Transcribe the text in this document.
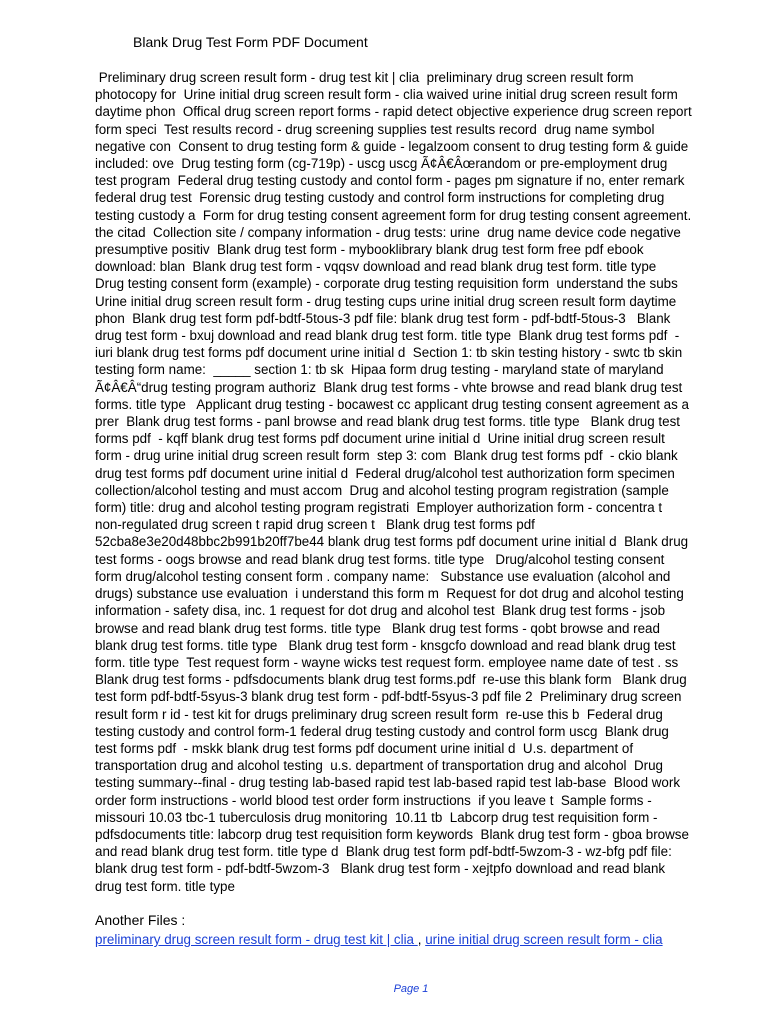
Blank Drug Test Form PDF Document
Preliminary drug screen result form - drug test kit | clia  preliminary drug screen result form
photocopy for  Urine initial drug screen result form - clia waived urine initial drug screen result form
daytime phon  Offical drug screen report forms - rapid detect objective experience drug screen report
form speci  Test results record - drug screening supplies test results record  drug name symbol
negative con  Consent to drug testing form & guide - legalzoom consent to drug testing form & guide
included: ove  Drug testing form (cg-719p) - uscg uscg Ã¢Â€Âœrandom or pre-employment drug
test program  Federal drug testing custody and contol form - pages pm signature if no, enter remark
federal drug test  Forensic drug testing custody and control form instructions for completing drug
testing custody a  Form for drug testing consent agreement form for drug testing consent agreement.
the citad  Collection site / company information - drug tests: urine  drug name device code negative
presumptive positiv  Blank drug test form - mybooklibrary blank drug test form free pdf ebook
download: blan  Blank drug test form - vqqsv download and read blank drug test form. title type
Drug testing consent form (example) - corporate drug testing requisition form  understand the subs
Urine initial drug screen result form - drug testing cups urine initial drug screen result form daytime
phon  Blank drug test form pdf-bdtf-5tous-3 pdf file: blank drug test form - pdf-bdtf-5tous-3   Blank
drug test form - bxuj download and read blank drug test form. title type  Blank drug test forms pdf  -
iuri blank drug test forms pdf document urine initial d  Section 1: tb skin testing history - swtc tb skin
testing form name:  _____ section 1: tb sk  Hipaa form drug testing - maryland state of maryland
Ã¢Â€Â“drug testing program authoriz  Blank drug test forms - vhte browse and read blank drug test
forms. title type   Applicant drug testing - bocawest cc applicant drug testing consent agreement as a
prer  Blank drug test forms - panl browse and read blank drug test forms. title type   Blank drug test
forms pdf  - kqff blank drug test forms pdf document urine initial d  Urine initial drug screen result
form - drug urine initial drug screen result form  step 3: com  Blank drug test forms pdf  - ckio blank
drug test forms pdf document urine initial d  Federal drug/alcohol test authorization form specimen
collection/alcohol testing and must accom  Drug and alcohol testing program registration (sample
form) title: drug and alcohol testing program registrati  Employer authorization form - concentra t
non-regulated drug screen t rapid drug screen t   Blank drug test forms pdf
52cba8e3e20d48bbc2b991b20ff7be44 blank drug test forms pdf document urine initial d  Blank drug
test forms - oogs browse and read blank drug test forms. title type   Drug/alcohol testing consent
form drug/alcohol testing consent form . company name:   Substance use evaluation (alcohol and
drugs) substance use evaluation  i understand this form m  Request for dot drug and alcohol testing
information - safety disa, inc. 1 request for dot drug and alcohol test  Blank drug test forms - jsob
browse and read blank drug test forms. title type   Blank drug test forms - qobt browse and read
blank drug test forms. title type   Blank drug test form - knsgcfo download and read blank drug test
form. title type  Test request form - wayne wicks test request form. employee name date of test . ss
Blank drug test forms - pdfsdocuments blank drug test forms.pdf  re-use this blank form   Blank drug
test form pdf-bdtf-5syus-3 blank drug test form - pdf-bdtf-5syus-3 pdf file 2  Preliminary drug screen
result form r id - test kit for drugs preliminary drug screen result form  re-use this b  Federal drug
testing custody and control form-1 federal drug testing custody and control form uscg  Blank drug
test forms pdf  - mskk blank drug test forms pdf document urine initial d  U.s. department of
transportation drug and alcohol testing  u.s. department of transportation drug and alcohol  Drug
testing summary--final - drug testing lab-based rapid test lab-based rapid test lab-base  Blood work
order form instructions - world blood test order form instructions  if you leave t  Sample forms -
missouri 10.03 tbc-1 tuberculosis drug monitoring  10.11 tb  Labcorp drug test requisition form -
pdfsdocuments title: labcorp drug test requisition form keywords  Blank drug test form - gboa browse
and read blank drug test form. title type d  Blank drug test form pdf-bdtf-5wzom-3 - wz-bfg pdf file:
blank drug test form - pdf-bdtf-5wzom-3   Blank drug test form - xejtpfo download and read blank
drug test form. title type
Another Files :
preliminary drug screen result form - drug test kit | clia , urine initial drug screen result form - clia
Page 1
